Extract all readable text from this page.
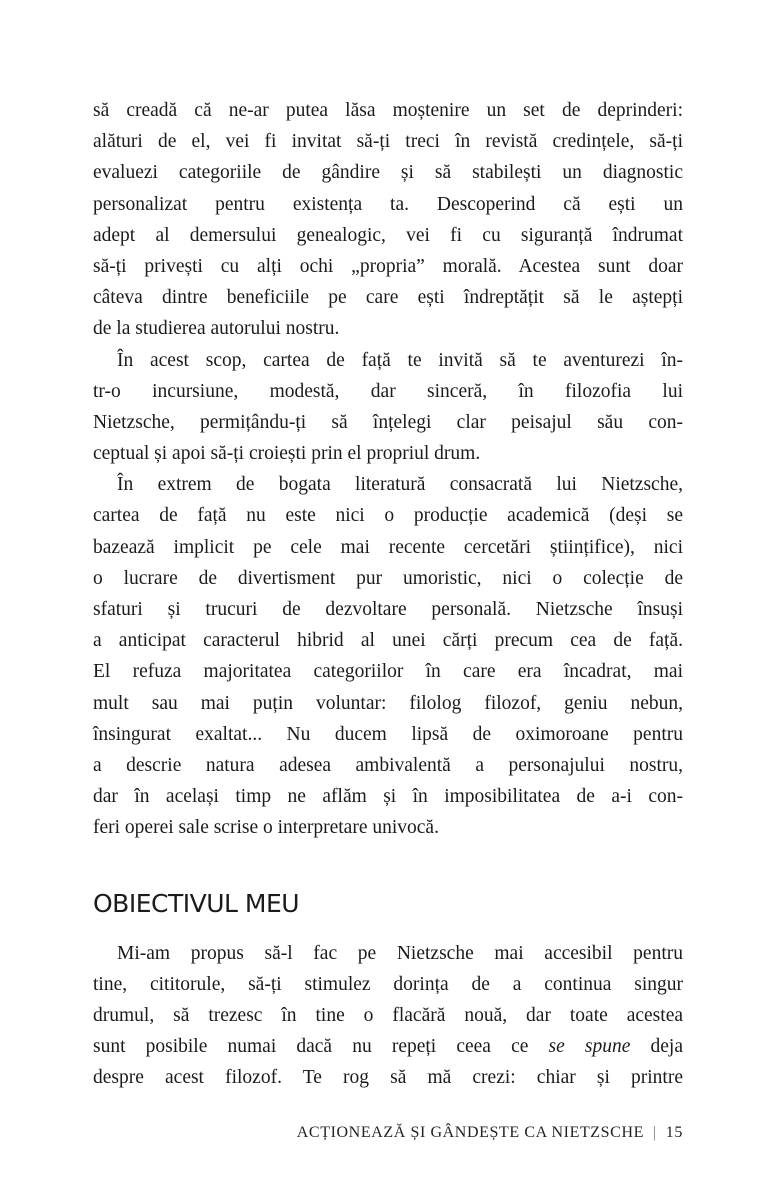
să creadă că ne-ar putea lăsa moștenire un set de deprinderi:
alături de el, vei fi invitat să-ți treci în revistă credințele, să-ți
evaluezi categoriile de gândire și să stabilești un diagnostic
personalizat pentru existența ta. Descoperind că ești un
adept al demersului genealogic, vei fi cu siguranță îndrumat
să-ți privești cu alți ochi „propria” morală. Acestea sunt doar
câteva dintre beneficiile pe care ești îndreptățit să le aștepți
de la studierea autorului nostru.
În acest scop, cartea de față te invită să te aventurezi în-
tr-o incursiune, modestă, dar sinceră, în filozofia lui
Nietzsche, permițându-ți să înțelegi clar peisajul său con-
ceptual și apoi să-ți croiești prin el propriul drum.
În extrem de bogata literatură consacrată lui Nietzsche,
cartea de față nu este nici o producție academică (deși se
bazează implicit pe cele mai recente cercetări științifice), nici
o lucrare de divertisment pur umoristic, nici o colecție de
sfaturi și trucuri de dezvoltare personală. Nietzsche însuși
a anticipat caracterul hibrid al unei cărți precum cea de față.
El refuza majoritatea categoriilor în care era încadrat, mai
mult sau mai puțin voluntar: filolog filozof, geniu nebun,
însingurat exaltat... Nu ducem lipsă de oximoroane pentru
a descrie natura adesea ambivalentă a personajului nostru,
dar în același timp ne aflăm și în imposibilitatea de a-i con-
feri operei sale scrise o interpretare univocă.
OBIECTIVUL MEU
Mi-am propus să-l fac pe Nietzsche mai accesibil pentru
tine, cititorule, să-ți stimulez dorința de a continua singur
drumul, să trezesc în tine o flacără nouă, dar toate acestea
sunt posibile numai dacă nu repeți ceea ce se spune deja
despre acest filozof. Te rog să mă crezi: chiar și printre
ACȚIONEAZĂ ȘI GÂNDEȘTE CA NIETZSCHE | 15
